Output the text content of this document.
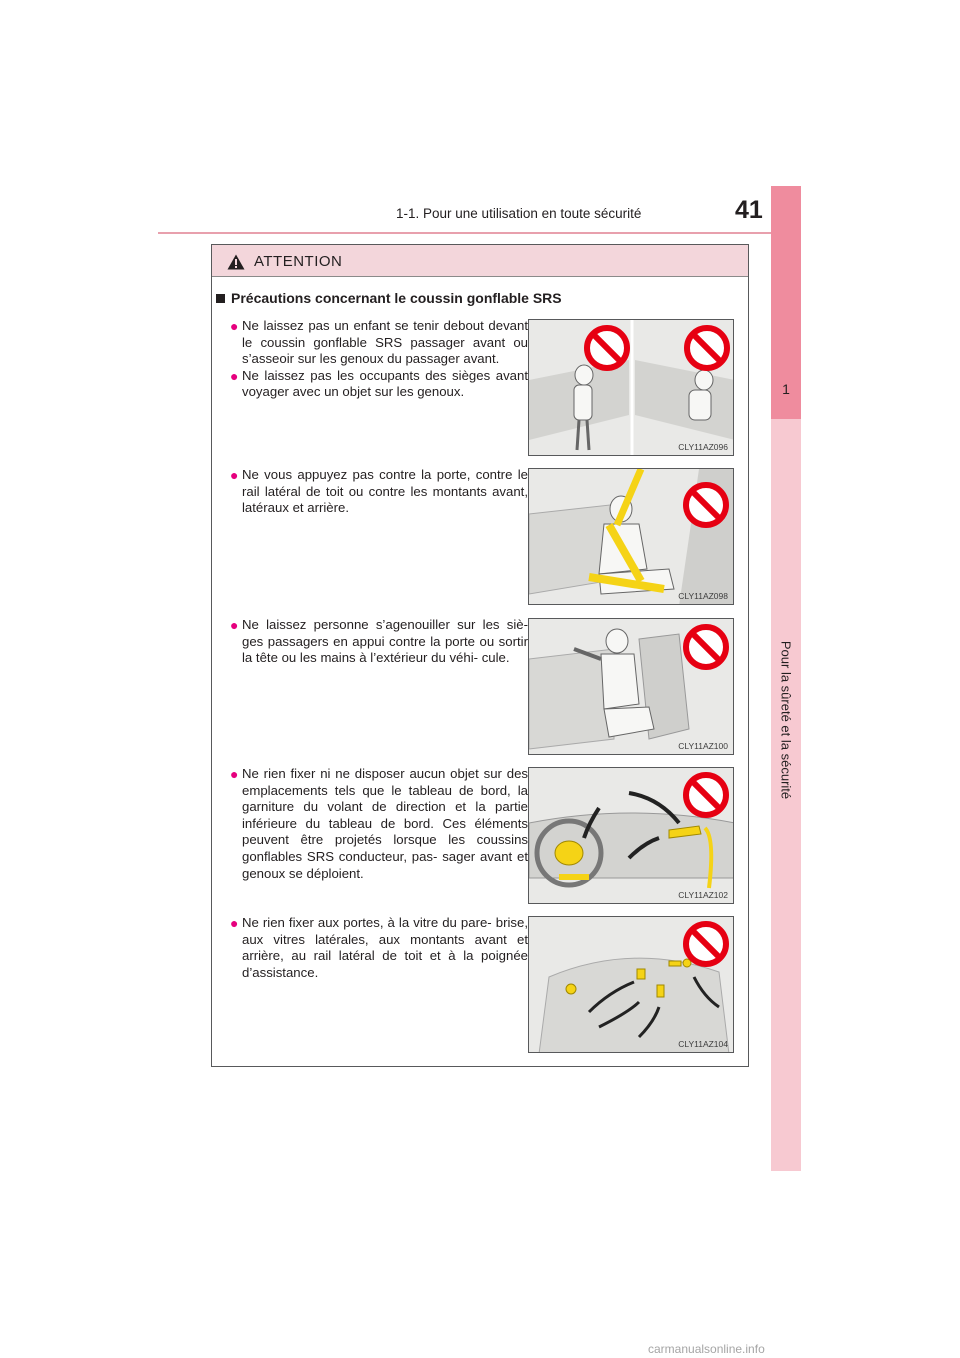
1-1. Pour une utilisation en toute sécurité	41
1
Pour la sûreté et la sécurité
ATTENTION
Précautions concernant le coussin gonflable SRS
● Ne laissez pas un enfant se tenir debout devant le coussin gonflable SRS passager avant ou s’asseoir sur les genoux du passager avant.
● Ne laissez pas les occupants des sièges avant voyager avec un objet sur les genoux.
CLY11AZ096
● Ne vous appuyez pas contre la porte, contre le rail latéral de toit ou contre les montants avant, latéraux et arrière.
CLY11AZ098
● Ne laissez personne s’agenouiller sur les siè- ges passagers en appui contre la porte ou sortir la tête ou les mains à l’extérieur du véhi- cule.
CLY11AZ100
● Ne rien fixer ni ne disposer aucun objet sur des emplacements tels que le tableau de bord, la garniture du volant de direction et la partie inférieure du tableau de bord. Ces éléments peuvent être projetés lorsque les coussins gonflables SRS conducteur, pas- sager avant et genoux se déploient.
CLY11AZ102
● Ne rien fixer aux portes, à la vitre du pare- brise, aux vitres latérales, aux montants avant et arrière, au rail latéral de toit et à la poignée d’assistance.
CLY11AZ104
carmanualsonline.info
